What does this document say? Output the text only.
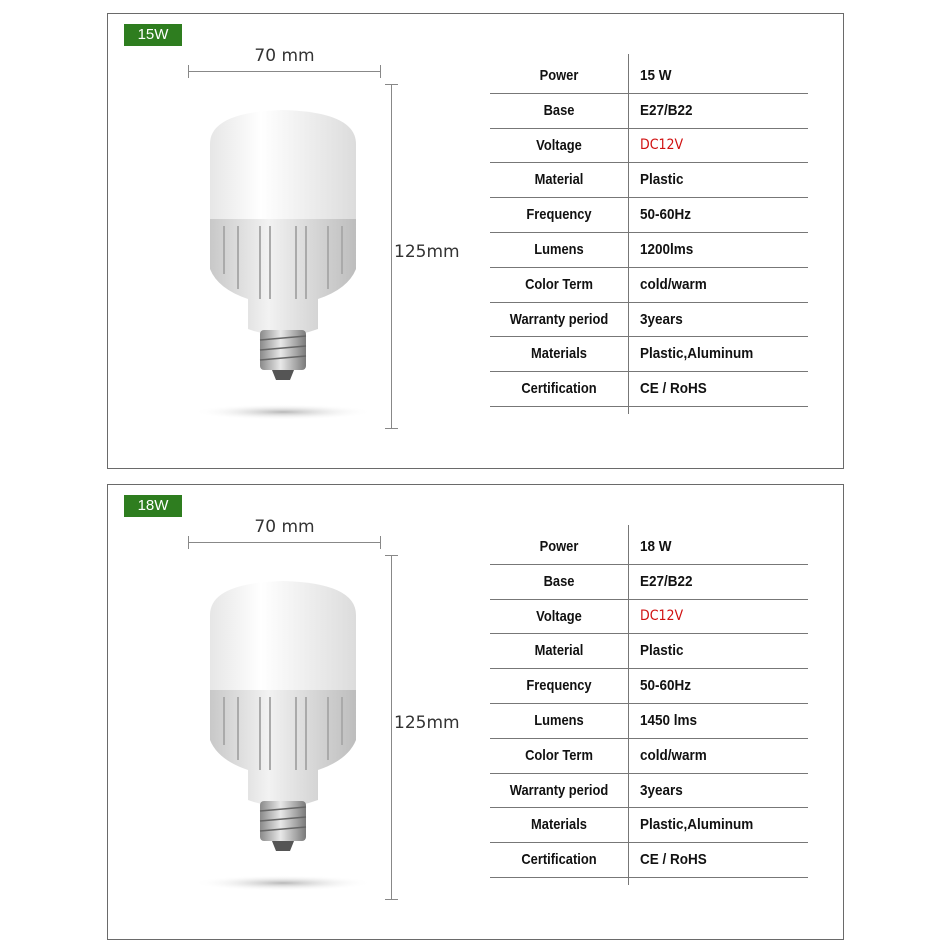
15W
70 mm
125mm
Power	15 W
Base	E27/B22
Voltage	DC12V
Material	Plastic
Frequency	50-60Hz
Lumens	1200lms
Color Term	cold/warm
Warranty period	3years
Materials	Plastic,Aluminum
Certification	CE / RoHS
18W
70 mm
125mm
Power	18 W
Base	E27/B22
Voltage	DC12V
Material	Plastic
Frequency	50-60Hz
Lumens	1450 lms
Color Term	cold/warm
Warranty period	3years
Materials	Plastic,Aluminum
Certification	CE / RoHS
